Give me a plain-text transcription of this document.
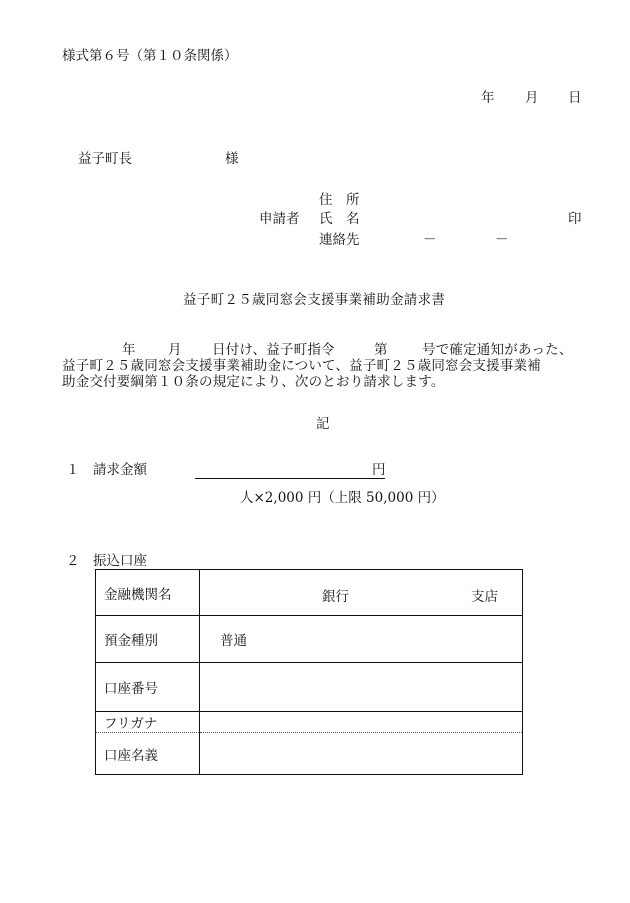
様式第６号（第１０条関係）
年 月 日
益子町長	様
住　所
申請者 氏　名	印
連絡先	－	－
益子町２５歳同窓会支援事業補助金請求書
年 月 日付け、益子町指令	第	号で確定通知があった、
益子町２５歳同窓会支援事業補助金について、益子町２５歳同窓会支援事業補
助金交付要綱第１０条の規定により、次のとおり請求します。
記
１ 請求金額	円
人×2,000 円（上限 50,000 円）
２ 振込口座
金融機関名	銀行 支店

預金種別	普通
口座番号	
フリガナ	
口座名義	
